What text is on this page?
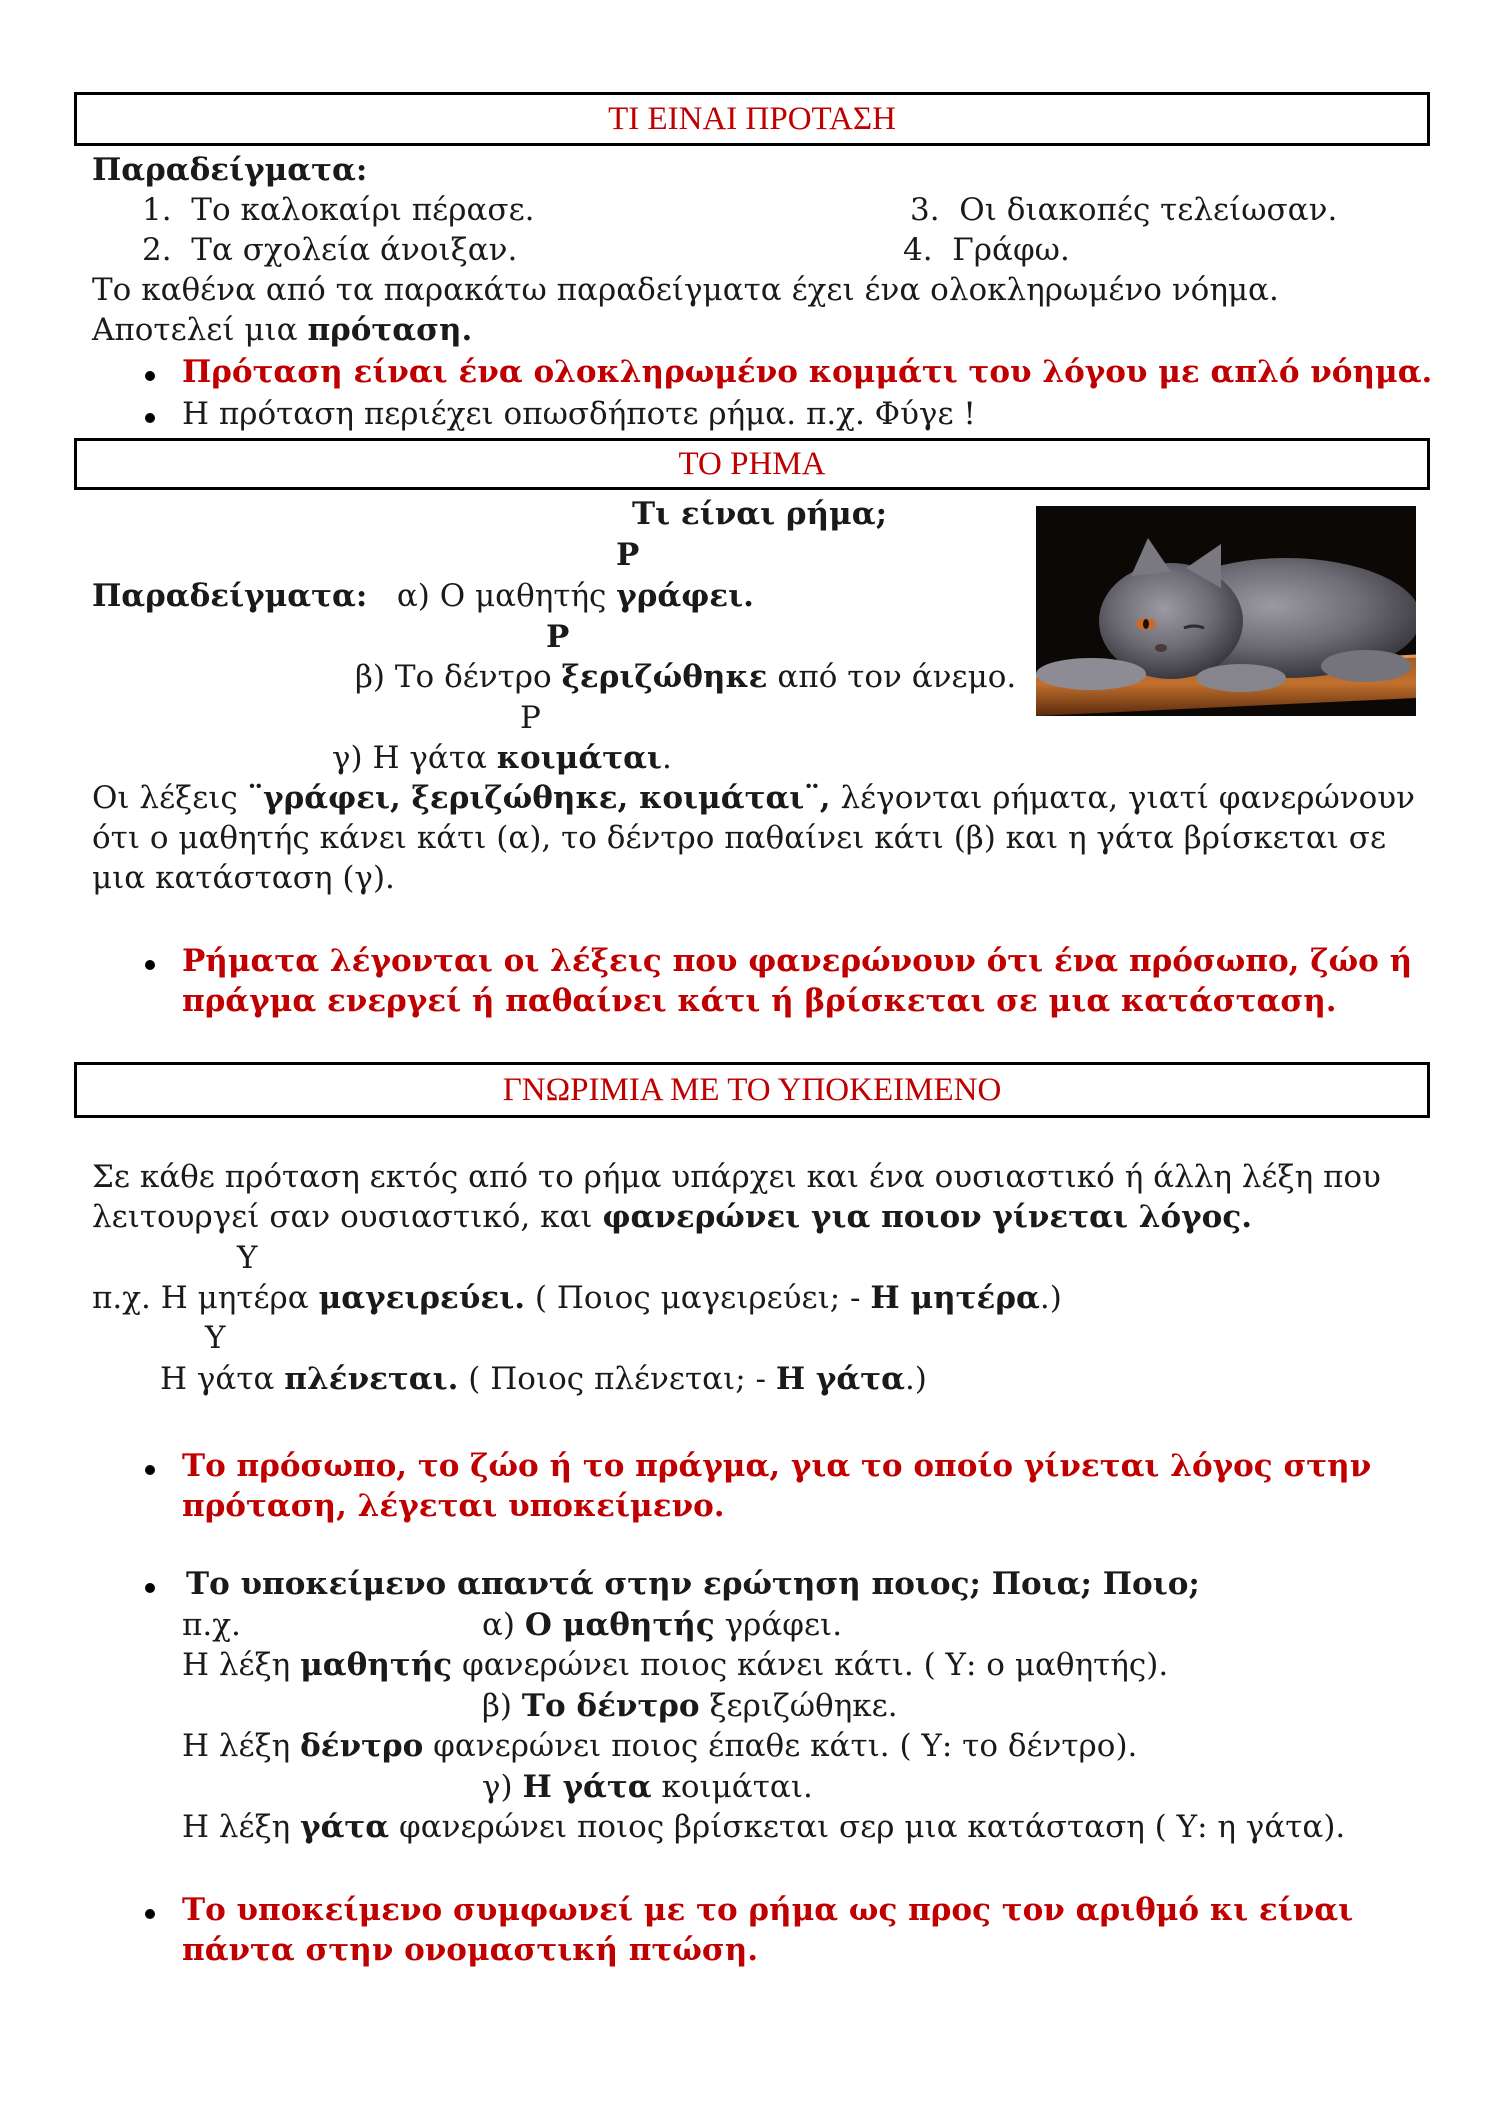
ΤΙ ΕΙΝΑΙ ΠΡΟΤΑΣΗ
Παραδείγματα:
1. Το καλοκαίρι πέρασε.
2. Τα σχολεία άνοιξαν.
3. Οι διακοπές τελείωσαν.
4. Γράφω.
Το καθένα από τα παρακάτω παραδείγματα έχει ένα ολοκληρωμένο νόημα.
Αποτελεί μια πρόταση.
Πρόταση είναι ένα ολοκληρωμένο κομμάτι του λόγου με απλό νόημα.
Η πρόταση περιέχει οπωσδήποτε ρήμα. π.χ. Φύγε !
ΤΟ ΡΗΜΑ
Τι είναι ρήμα;
Ρ
Παραδείγματα: α) Ο μαθητής γράφει.
Ρ
β) Το δέντρο ξεριζώθηκε από τον άνεμο.
Ρ
γ) Η γάτα κοιμάται.
Οι λέξεις ¨γράφει, ξεριζώθηκε, κοιμάται¨, λέγονται ρήματα, γιατί φανερώνουν
ότι ο μαθητής κάνει κάτι (α), το δέντρο παθαίνει κάτι (β) και η γάτα βρίσκεται σε
μια κατάσταση (γ).
Ρήματα λέγονται οι λέξεις που φανερώνουν ότι ένα πρόσωπο, ζώο ή
πράγμα ενεργεί ή παθαίνει κάτι ή βρίσκεται σε μια κατάσταση.
ΓΝΩΡΙΜΙΑ ΜΕ ΤΟ ΥΠΟΚΕΙΜΕΝΟ
Σε κάθε πρόταση εκτός από το ρήμα υπάρχει και ένα ουσιαστικό ή άλλη λέξη που
λειτουργεί σαν ουσιαστικό, και φανερώνει για ποιον γίνεται λόγος.
Υ
π.χ. Η μητέρα μαγειρεύει. ( Ποιος μαγειρεύει; - Η μητέρα.)
Υ
Η γάτα πλένεται. ( Ποιος πλένεται; - Η γάτα.)
Το πρόσωπο, το ζώο ή το πράγμα, για το οποίο γίνεται λόγος στην
πρόταση, λέγεται υποκείμενο.
Το υποκείμενο απαντά στην ερώτηση ποιος; Ποια; Ποιο;
π.χ.	α) Ο μαθητής γράφει.
Η λέξη μαθητής φανερώνει ποιος κάνει κάτι. ( Υ: ο μαθητής).
β) Το δέντρο ξεριζώθηκε.
Η λέξη δέντρο φανερώνει ποιος έπαθε κάτι. ( Υ: το δέντρο).
γ) Η γάτα κοιμάται.
Η λέξη γάτα φανερώνει ποιος βρίσκεται σερ μια κατάσταση ( Υ: η γάτα).
Το υποκείμενο συμφωνεί με το ρήμα ως προς τον αριθμό κι είναι
πάντα στην ονομαστική πτώση.
